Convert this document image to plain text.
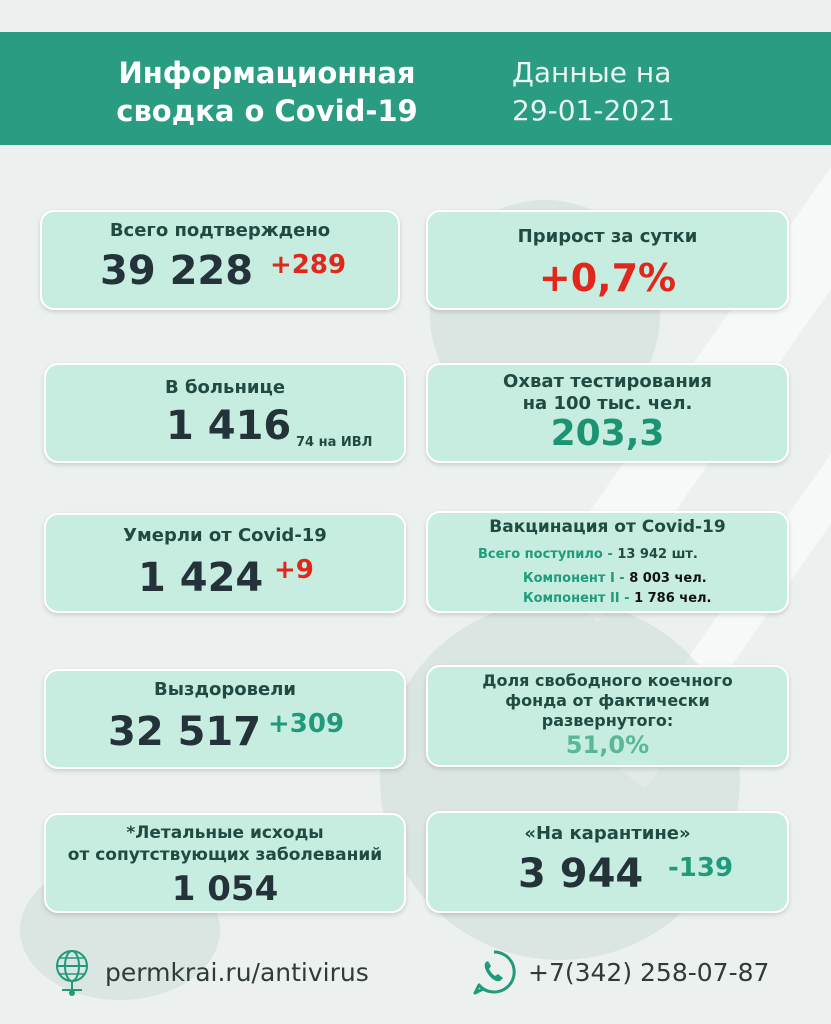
Информационная
сводка о Covid-19
Данные на
29-01-2021
Всего подтверждено
39 228 +289
Прирост за сутки
+0,7%
В больнице
1 416 74 на ИВЛ
Охват тестирования
на 100 тыс. чел.
203,3
Умерли от Covid-19
1 424 +9
Вакцинация от Covid-19
Всего поступило - 13 942 шт.
Компонент I - 8 003 чел.
Компонент II - 1 786 чел.
Выздоровели
32 517 +309
Доля свободного коечного
фонда от фактически
развернутого:
51,0%
*Летальные исходы
от сопутствующих заболеваний
1 054
«На карантине»
3 944 -139
permkrai.ru/antivirus	+7(342) 258-07-87
